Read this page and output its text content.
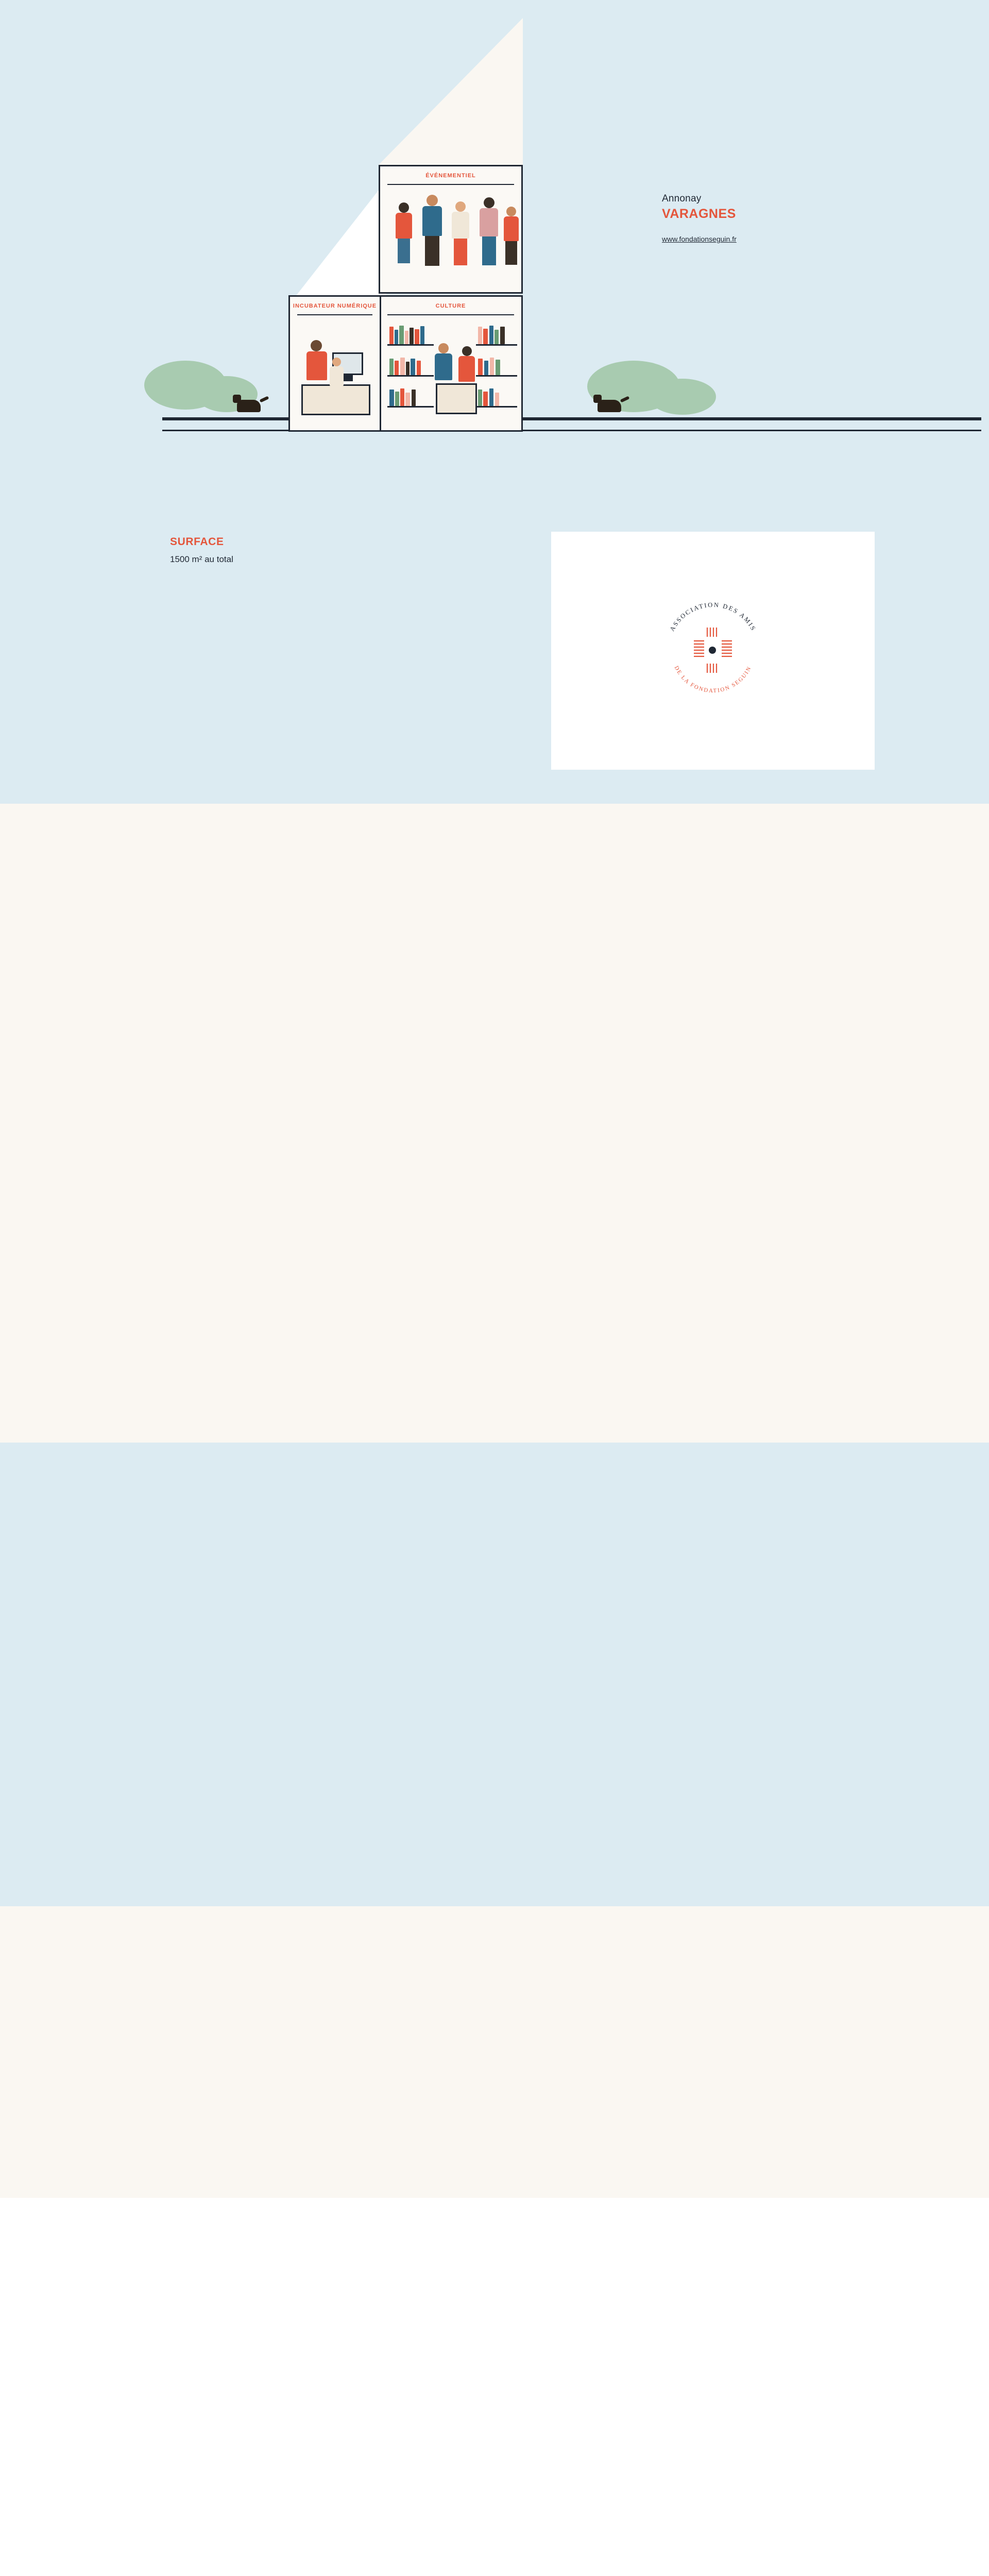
ÉVÉNEMENTIEL
CULTURE
INCUBATEUR NUMÉRIQUE

Annonay

VARAGNES

www.fondationseguin.fr

SURFACE

1500 m² au total

ASSOCIATION DES AMIS
DE LA FONDATION SEGUIN
